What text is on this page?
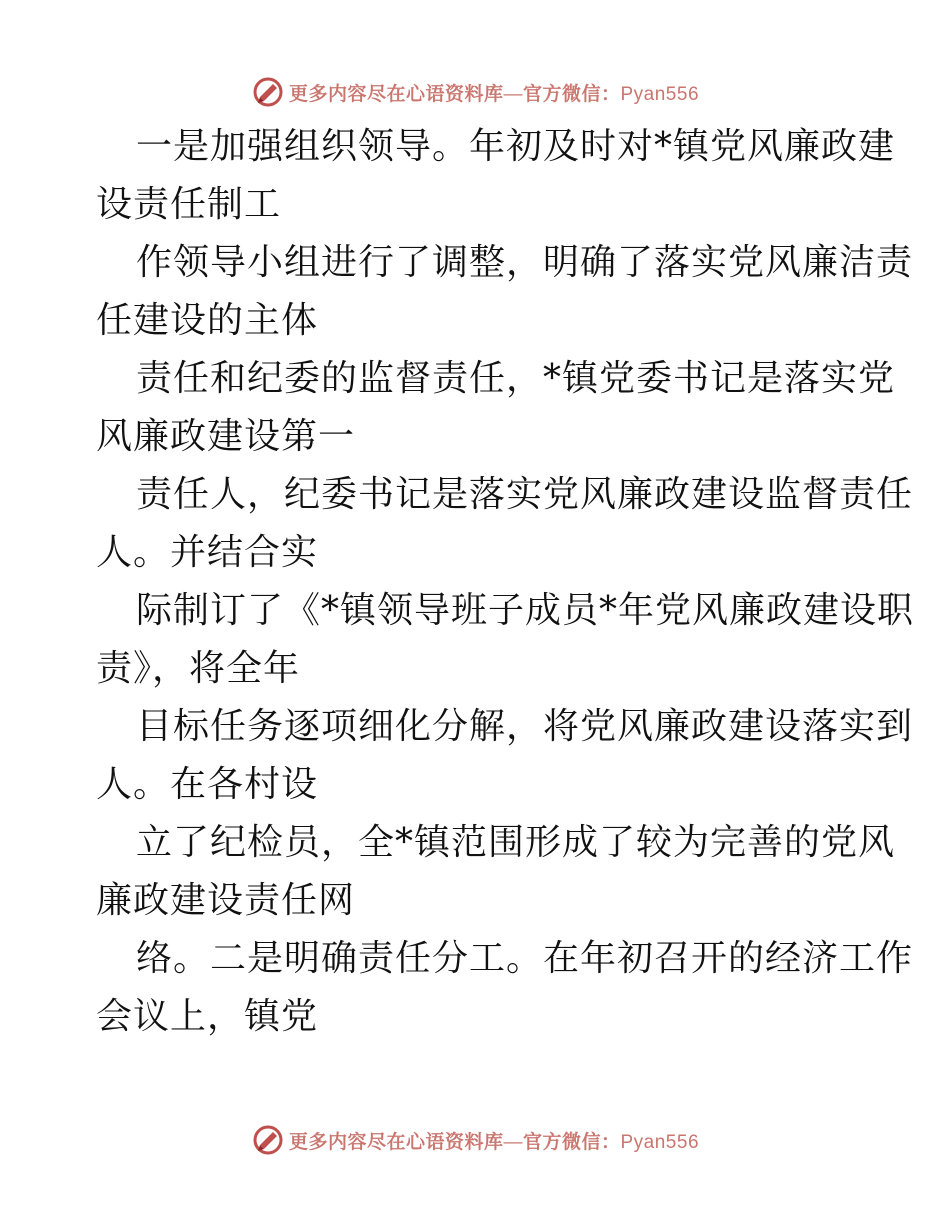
更多内容尽在心语资料库—官方微信：Pyan556
一是加强组织领导。年初及时对*镇党风廉政建
设责任制工
作领导小组进行了调整，明确了落实党风廉洁责
任建设的主体
责任和纪委的监督责任，*镇党委书记是落实党
风廉政建设第一
责任人，纪委书记是落实党风廉政建设监督责任
人。并结合实
际制订了《*镇领导班子成员*年党风廉政建设职
责》，将全年
目标任务逐项细化分解，将党风廉政建设落实到
人。在各村设
立了纪检员，全*镇范围形成了较为完善的党风
廉政建设责任网
络。二是明确责任分工。在年初召开的经济工作
会议上，镇党
更多内容尽在心语资料库—官方微信：Pyan556
